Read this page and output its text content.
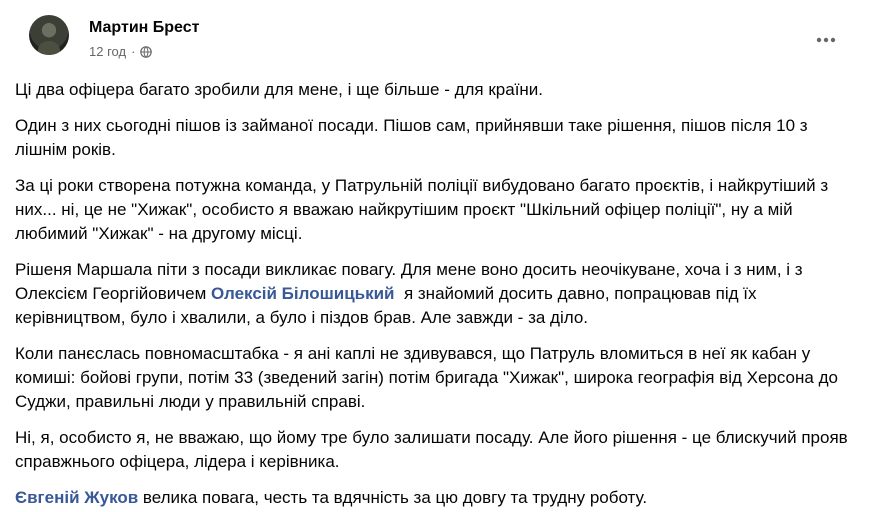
Мартин Брест
12 год ·

Ці два офіцера багато зробили для мене, і ще більше - для країни.

Один з них сьогодні пішов із займаної посади. Пішов сам, прийнявши таке рішення, пішов після 10 з лішнім років.

За ці роки створена потужна команда, у Патрульній поліції вибудовано багато проєктів, і найкрутіший з них... ні, це не "Хижак", особисто я вважаю найкрутішим проєкт "Шкільний офіцер поліції", ну а мій любимий "Хижак" - на другому місці.

Рішеня Маршала піти з посади викликає повагу. Для мене воно досить неочікуване, хоча і з ним, і з Олексієм Георгійовичем Олексій Білошицький  я знайомий досить давно, попрацював під їх керівництвом, було і хвалили, а було і піздов брав. Але завжди - за діло.

Коли панєслась повномасштабка - я ані каплі не здивувався, що Патруль вломиться в неї як кабан у комиші: бойові групи, потім 33 (зведений загін) потім бригада "Хижак", широка географія від Херсона до Суджи, правильні люди у правильній справі.

Ні, я, особисто я, не вважаю, що йому тре було залишати посаду. Але його рішення - це блискучий прояв справжнього офіцера, лідера і керівника.

Євгеній Жуков велика повага, честь та вдячність за цю довгу та трудну роботу.
